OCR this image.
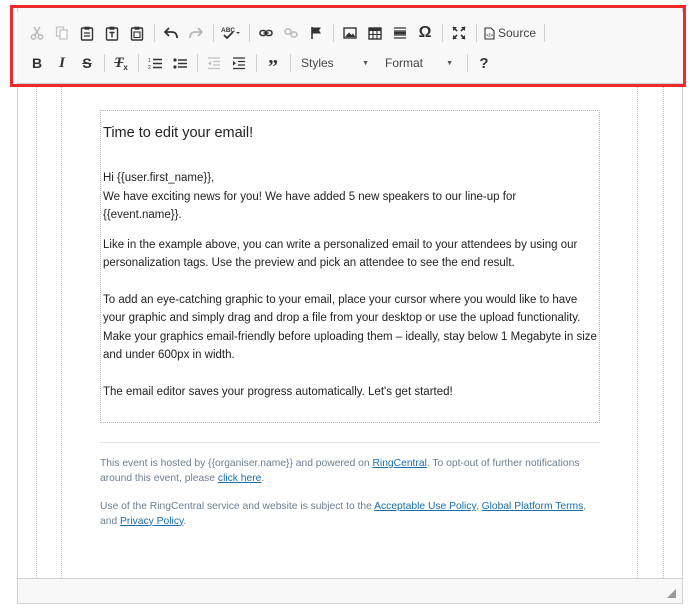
ABC	Ω	</> Source
B I S T x
1
2	” Styles	▼ Format	▼ ?
Time to edit your email!

Hi {{user.first_name}},

We have exciting news for you! We have added 5 new speakers to our line-up for {{event.name}}.

Like in the example above, you can write a personalized email to your attendees by using our personalization tags. Use the preview and pick an attendee to see the end result.

To add an eye-catching graphic to your email, place your cursor where you would like to have your graphic and simply drag and drop a file from your desktop or use the upload functionality. Make your graphics email-friendly before uploading them – ideally, stay below 1 Megabyte in size and under 600px in width.

The email editor saves your progress automatically. Let's get started!

This event is hosted by {{organiser.name}} and powered on RingCentral. To opt-out of further notifications around this event, please click here.

Use of the RingCentral service and website is subject to the Acceptable Use Policy, Global Platform Terms, and Privacy Policy.
